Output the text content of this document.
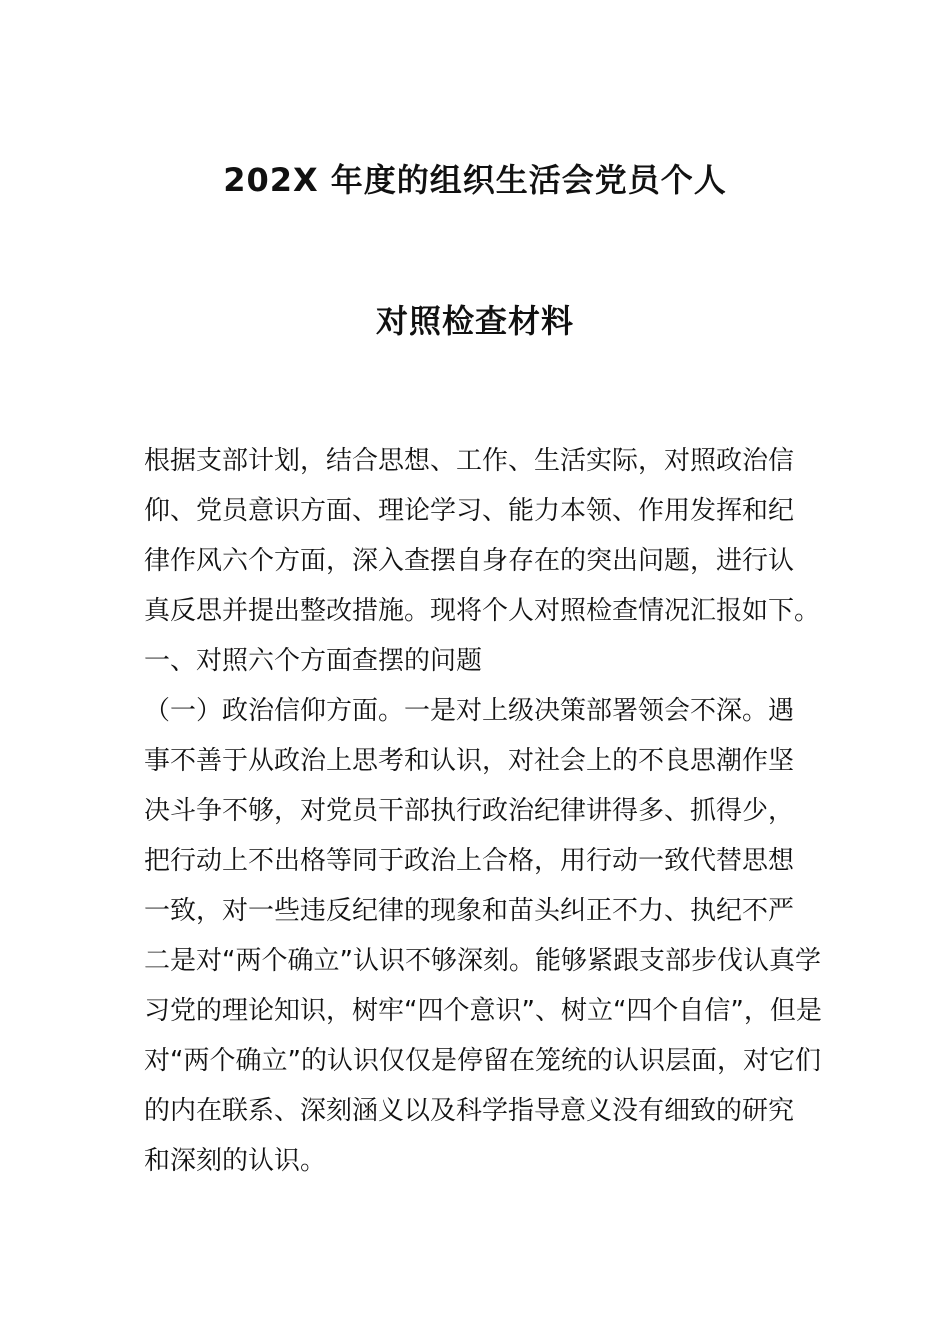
202X 年度的组织生活会党员个人
对照检查材料
根据支部计划，结合思想、工作、生活实际，对照政治信
仰、党员意识方面、理论学习、能力本领、作用发挥和纪
律作风六个方面，深入查摆自身存在的突出问题，进行认
真反思并提出整改措施。现将个人对照检查情况汇报如下。
一、对照六个方面查摆的问题
（一）政治信仰方面。一是对上级决策部署领会不深。遇
事不善于从政治上思考和认识，对社会上的不良思潮作坚
决斗争不够，对党员干部执行政治纪律讲得多、抓得少，
把行动上不出格等同于政治上合格，用行动一致代替思想
一致，对一些违反纪律的现象和苗头纠正不力、执纪不严
二是对“两个确立”认识不够深刻。能够紧跟支部步伐认真学
习党的理论知识，树牢“四个意识”、树立“四个自信”，但是
对“两个确立”的认识仅仅是停留在笼统的认识层面，对它们
的内在联系、深刻涵义以及科学指导意义没有细致的研究
和深刻的认识。
